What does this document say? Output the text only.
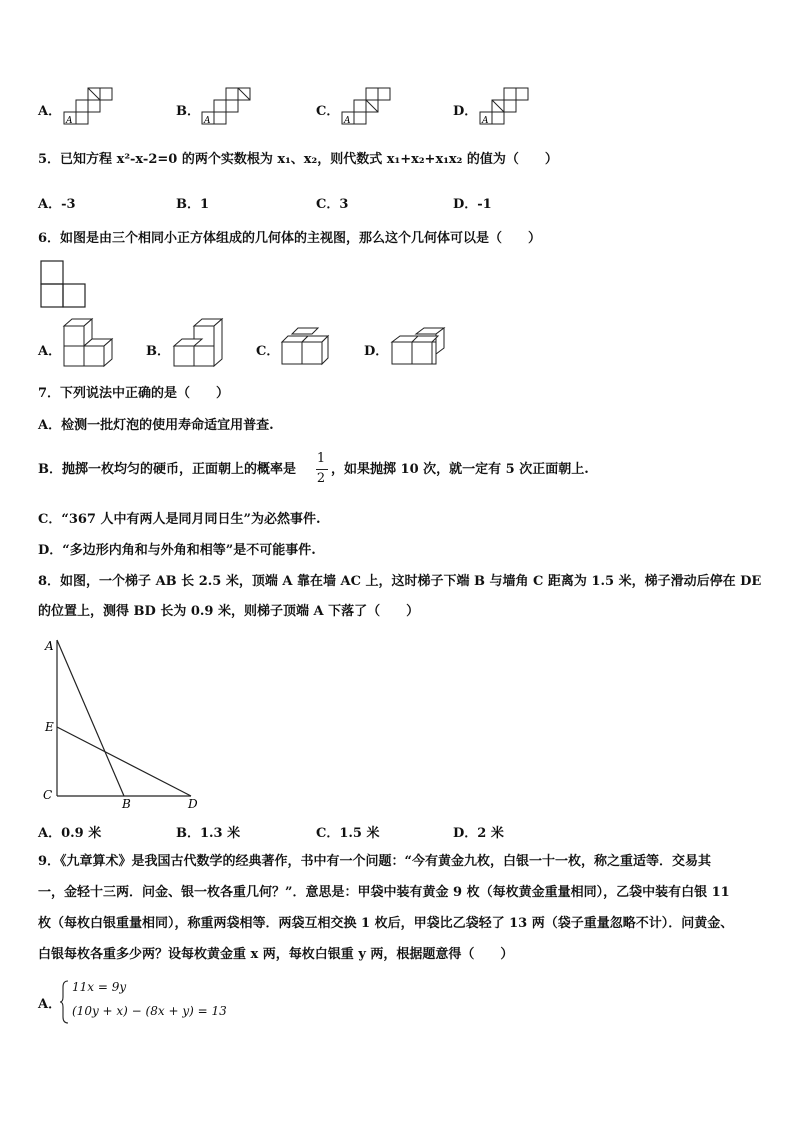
A．
A
B．
A
C．
A
D．
A
5．已知方程 x²-x-2=0 的两个实数根为 x₁、x₂，则代数式 x₁+x₂+x₁x₂ 的值为（　　）
A．-3	B．1	C．3	D．-1
6．如图是由三个相同小正方体组成的几何体的主视图，那么这个几何体可以是（　　）
A．	B．	C．	D．
7．下列说法中正确的是（　　）
A．检测一批灯泡的使用寿命适宜用普查.
B．抛掷一枚均匀的硬币，正面朝上的概率是
1
2
，如果抛掷 10 次，就一定有 5 次正面朝上.
C．“367 人中有两人是同月同日生”为必然事件.
D．“多边形内角和与外角和相等”是不可能事件.
8．如图，一个梯子 AB 长 2.5 米，顶端 A 靠在墙 AC 上，这时梯子下端 B 与墙角 C 距离为 1.5 米，梯子滑动后停在 DE
的位置上，测得 BD 长为 0.9 米，则梯子顶端 A 下落了（　　）
A
E
C
B	D
A．0.9 米	B．1.3 米	C．1.5 米	D．2 米
9．《九章算术》是我国古代数学的经典著作，书中有一个问题：“今有黄金九枚，白银一十一枚，称之重适等．交易其
一，金轻十三两．问金、银一枚各重几何？”．意思是：甲袋中装有黄金 9 枚（每枚黄金重量相同），乙袋中装有白银 11
枚（每枚白银重量相同），称重两袋相等．两袋互相交换 1 枚后，甲袋比乙袋轻了 13 两（袋子重量忽略不计）．问黄金、
白银每枚各重多少两？设每枚黄金重 x 两，每枚白银重 y 两，根据题意得（　　）
A．
11x = 9y
(10y + x) − (8x + y) = 13
